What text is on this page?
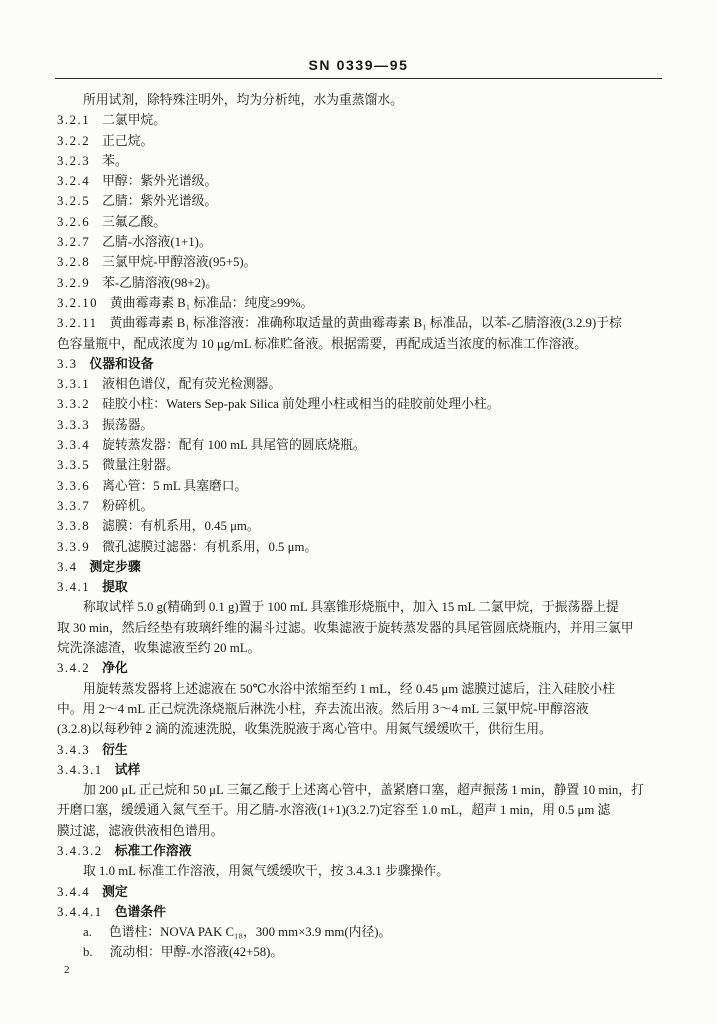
SN 0339—95
所用试剂，除特殊注明外，均为分析纯，水为重蒸馏水。
3.2.1 二氯甲烷。
3.2.2 正己烷。
3.2.3 苯。
3.2.4 甲醇：紫外光谱级。
3.2.5 乙腈：紫外光谱级。
3.2.6 三氟乙酸。
3.2.7 乙腈-水溶液(1+1)。
3.2.8 三氯甲烷-甲醇溶液(95+5)。
3.2.9 苯-乙腈溶液(98+2)。
3.2.10 黄曲霉毒素 B₁ 标准品：纯度≥99%。
3.2.11 黄曲霉毒素 B₁ 标准溶液：准确称取适量的黄曲霉毒素 B₁ 标准品，以苯-乙腈溶液(3.2.9)于棕
色容量瓶中，配成浓度为 10 μg/mL 标准贮备液。根据需要，再配成适当浓度的标准工作溶液。
3.3 仪器和设备
3.3.1 液相色谱仪，配有荧光检测器。
3.3.2 硅胶小柱：Waters Sep-pak Silica 前处理小柱或相当的硅胶前处理小柱。
3.3.3 振荡器。
3.3.4 旋转蒸发器：配有 100 mL 具尾管的圆底烧瓶。
3.3.5 微量注射器。
3.3.6 离心管：5 mL 具塞磨口。
3.3.7 粉碎机。
3.3.8 滤膜：有机系用，0.45 μm。
3.3.9 微孔滤膜过滤器：有机系用，0.5 μm。
3.4 测定步骤
3.4.1 提取
称取试样 5.0 g(精确到 0.1 g)置于 100 mL 具塞锥形烧瓶中，加入 15 mL 二氯甲烷，于振荡器上提
取 30 min，然后经垫有玻璃纤维的漏斗过滤。收集滤液于旋转蒸发器的具尾管圆底烧瓶内，并用三氯甲
烷洗涤滤渣，收集滤液至约 20 mL。
3.4.2 净化
用旋转蒸发器将上述滤液在 50℃水浴中浓缩至约 1 mL，经 0.45 μm 滤膜过滤后，注入硅胶小柱
中。用 2～4 mL 正己烷洗涤烧瓶后淋洗小柱，弃去流出液。然后用 3～4 mL 三氯甲烷-甲醇溶液
(3.2.8)以每秒钟 2 滴的流速洗脱，收集洗脱液于离心管中。用氮气缓缓吹干，供衍生用。
3.4.3 衍生
3.4.3.1 试样
加 200 μL 正己烷和 50 μL 三氟乙酸于上述离心管中，盖紧磨口塞，超声振荡 1 min，静置 10 min，打
开磨口塞，缓缓通入氮气至干。用乙腈-水溶液(1+1)(3.2.7)定容至 1.0 mL，超声 1 min，用 0.5 μm 滤
膜过滤，滤液供液相色谱用。
3.4.3.2 标准工作溶液
取 1.0 mL 标准工作溶液，用氮气缓缓吹干，按 3.4.3.1 步骤操作。
3.4.4 测定
3.4.4.1 色谱条件
a. 色谱柱：NOVA PAK C₁₈，300 mm×3.9 mm(内径)。
b. 流动相：甲醇-水溶液(42+58)。
2
